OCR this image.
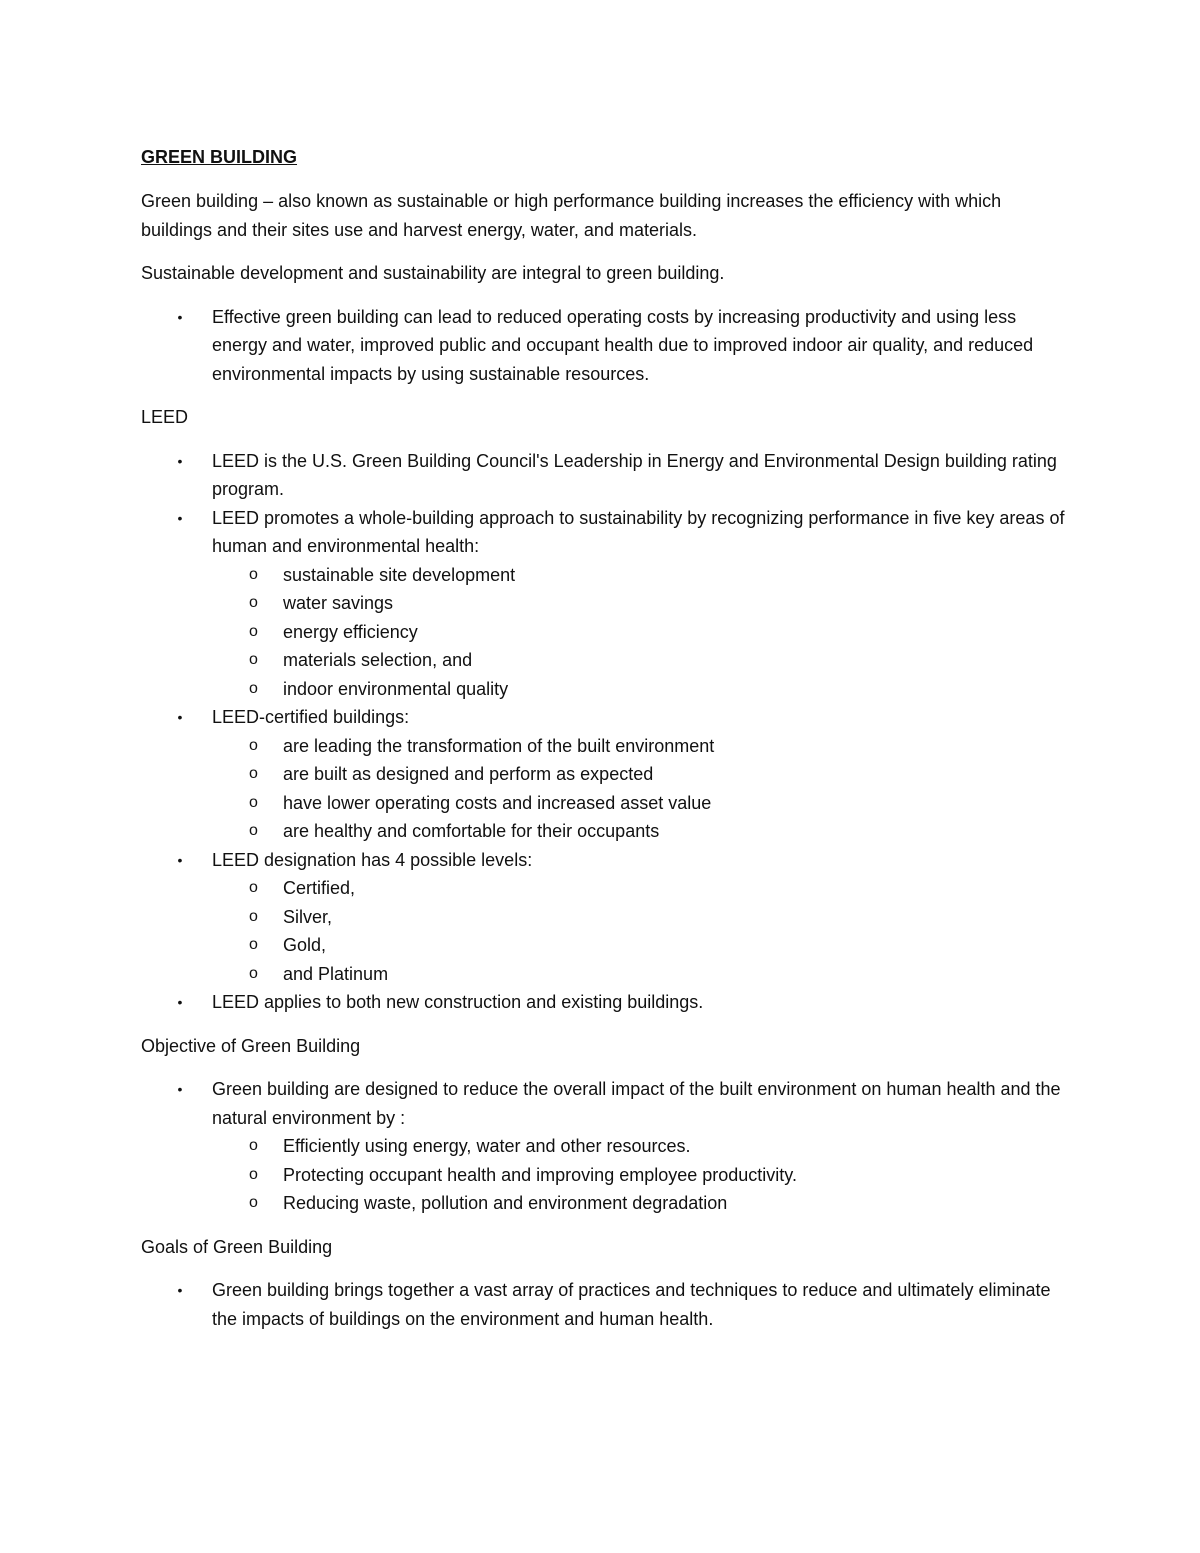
GREEN BUILDING

Green building – also known as sustainable or high performance building increases the efficiency with which buildings and their sites use and harvest energy, water, and materials.

Sustainable development and sustainability are integral to green building.

• Effective green building can lead to reduced operating costs by increasing productivity and using less energy and water, improved public and occupant health due to improved indoor air quality, and reduced environmental impacts by using sustainable resources.

LEED

• LEED is the U.S. Green Building Council's Leadership in Energy and Environmental Design building rating program.
• LEED promotes a whole-building approach to sustainability by recognizing performance in five key areas of human and environmental health:
o sustainable site development
o water savings
o energy efficiency
o materials selection, and
o indoor environmental quality
• LEED-certified buildings:
o are leading the transformation of the built environment
o are built as designed and perform as expected
o have lower operating costs and increased asset value
o are healthy and comfortable for their occupants
• LEED designation has 4 possible levels:
o Certified,
o Silver,
o Gold,
o and Platinum
• LEED applies to both new construction and existing buildings.

Objective of Green Building

• Green building are designed to reduce the overall impact of the built environment on human health and the natural environment by :
o Efficiently using energy, water and other resources.
o Protecting occupant health and improving employee productivity.
o Reducing waste, pollution and environment degradation

Goals of Green Building

• Green building brings together a vast array of practices and techniques to reduce and ultimately eliminate the impacts of buildings on the environment and human health.
